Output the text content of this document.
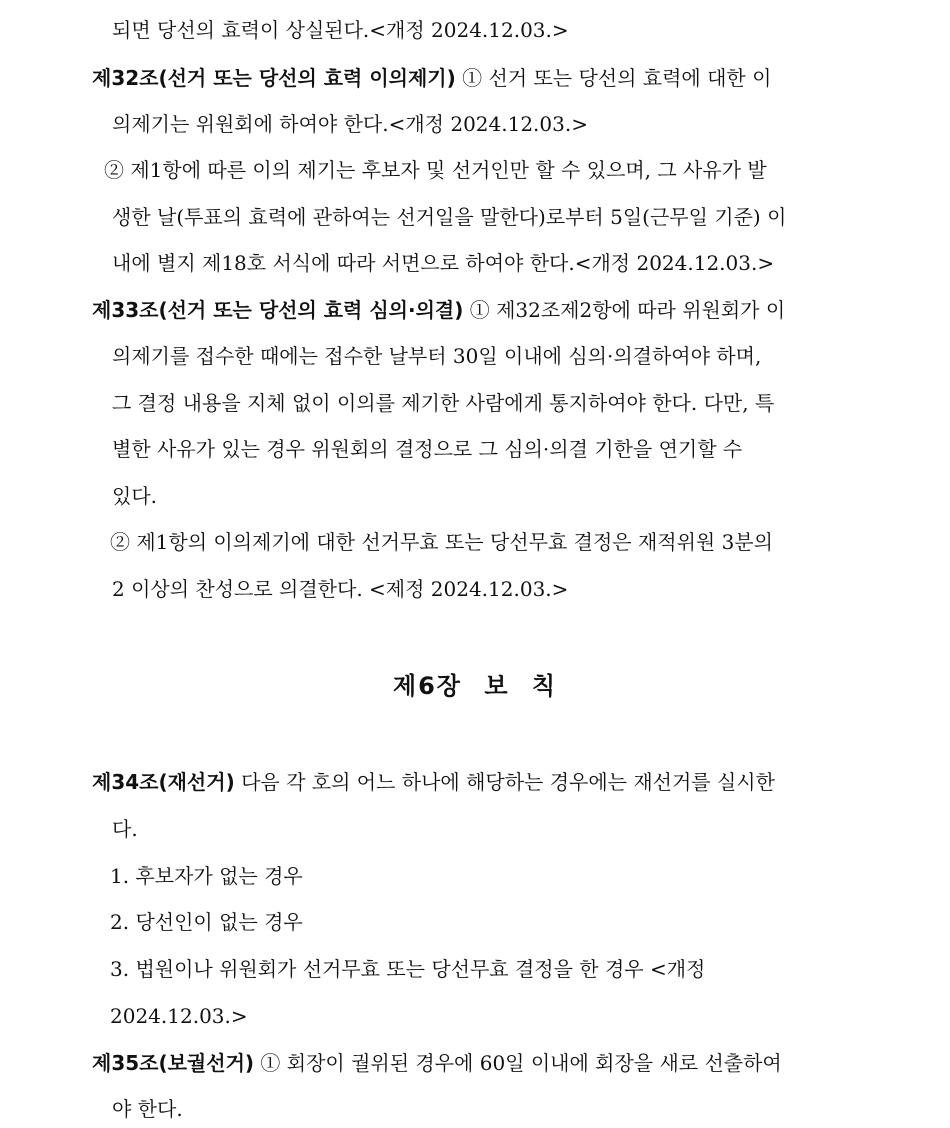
되면 당선의 효력이 상실된다.<개정 2024.12.03.>
제32조(선거 또는 당선의 효력 이의제기) ① 선거 또는 당선의 효력에 대한 이
의제기는 위원회에 하여야 한다.<개정 2024.12.03.>
② 제1항에 따른 이의 제기는 후보자 및 선거인만 할 수 있으며, 그 사유가 발
생한 날(투표의 효력에 관하여는 선거일을 말한다)로부터 5일(근무일 기준) 이
내에 별지 제18호 서식에 따라 서면으로 하여야 한다.<개정 2024.12.03.>
제33조(선거 또는 당선의 효력 심의·의결) ① 제32조제2항에 따라 위원회가 이
의제기를 접수한 때에는 접수한 날부터 30일 이내에 심의·의결하여야 하며,
그 결정 내용을 지체 없이 이의를 제기한 사람에게 통지하여야 한다. 다만, 특
별한 사유가 있는 경우 위원회의 결정으로 그 심의·의결 기한을 연기할 수
있다.
② 제1항의 이의제기에 대한 선거무효 또는 당선무효 결정은 재적위원 3분의
2 이상의 찬성으로 의결한다. <제정 2024.12.03.>
제6장 보 칙
제34조(재선거) 다음 각 호의 어느 하나에 해당하는 경우에는 재선거를 실시한
다.
1. 후보자가 없는 경우
2. 당선인이 없는 경우
3. 법원이나 위원회가 선거무효 또는 당선무효 결정을 한 경우 <개정
2024.12.03.>
제35조(보궐선거) ① 회장이 궐위된 경우에 60일 이내에 회장을 새로 선출하여
야 한다.
